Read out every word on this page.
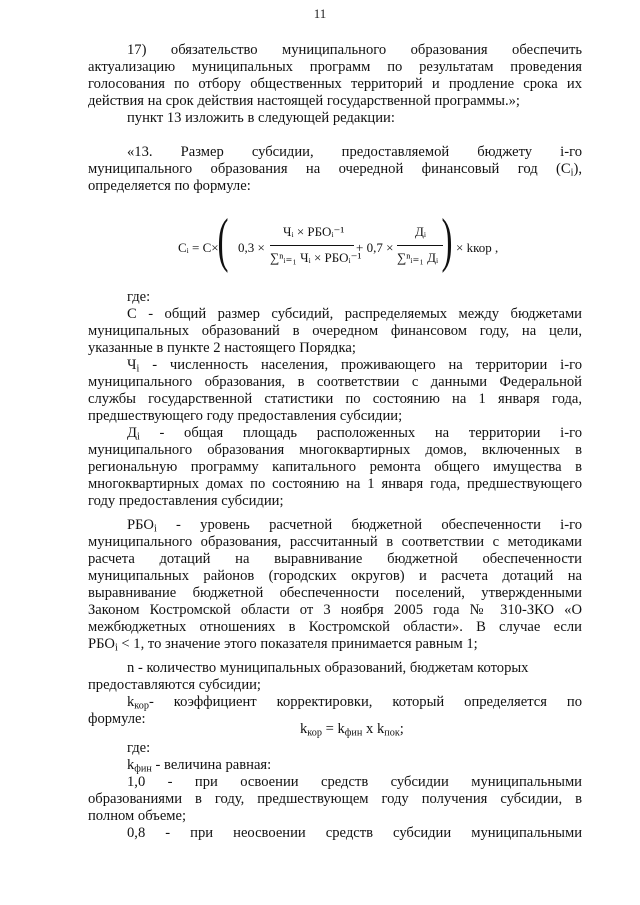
11
17) обязательство муниципального образования обеспечить
актуализацию муниципальных программ по результатам проведения
голосования по отбору общественных территорий и продление срока их
действия на срок действия настоящей государственной программы.»;
пункт 13 изложить в следующей редакции:
«13. Размер субсидии, предоставляемой бюджету i-го
муниципального образования на очередной финансовый год (Сi),
определяется по формуле:
Cᵢ = C×
( 0,3 ×
Чᵢ × РБОᵢ⁻¹
∑ⁿᵢ₌₁ Чᵢ × РБОᵢ⁻¹
+ 0,7 ×
Дᵢ
∑ⁿᵢ₌₁ Дᵢ ) × kкор ,
где:
С - общий размер субсидий, распределяемых между бюджетами
муниципальных образований в очередном финансовом году, на цели,
указанные в пункте 2 настоящего Порядка;
Чi - численность населения, проживающего на территории i-го
муниципального образования, в соответствии с данными Федеральной
службы государственной статистики по состоянию на 1 января года,
предшествующего году предоставления субсидии;
Дi - общая площадь расположенных на территории i-го
муниципального образования многоквартирных домов, включенных в
региональную программу капитального ремонта общего имущества в
многоквартирных домах по состоянию на 1 января года, предшествующего
году предоставления субсидии;
РБОi - уровень расчетной бюджетной обеспеченности i-го
муниципального образования, рассчитанный в соответствии с методиками
расчета дотаций на выравнивание бюджетной обеспеченности
муниципальных районов (городских округов) и расчета дотаций на
выравнивание бюджетной обеспеченности поселений, утвержденными
Законом Костромской области от 3 ноября 2005 года № 310-ЗКО «О
межбюджетных отношениях в Костромской области». В случае если
РБОi < 1, то значение этого показателя принимается равным 1;
n - количество муниципальных образований, бюджетам которых
предоставляются субсидии;
kкор- коэффициент корректировки, который определяется по
формуле:
$k_{кор} = k_{фин}$ x $k_{пок}$;
где:
kфин - величина равная:
1,0 - при освоении средств субсидии муниципальными
образованиями в году, предшествующем году получения субсидии, в
полном объеме;
0,8 - при неосвоении средств субсидии муниципальными
